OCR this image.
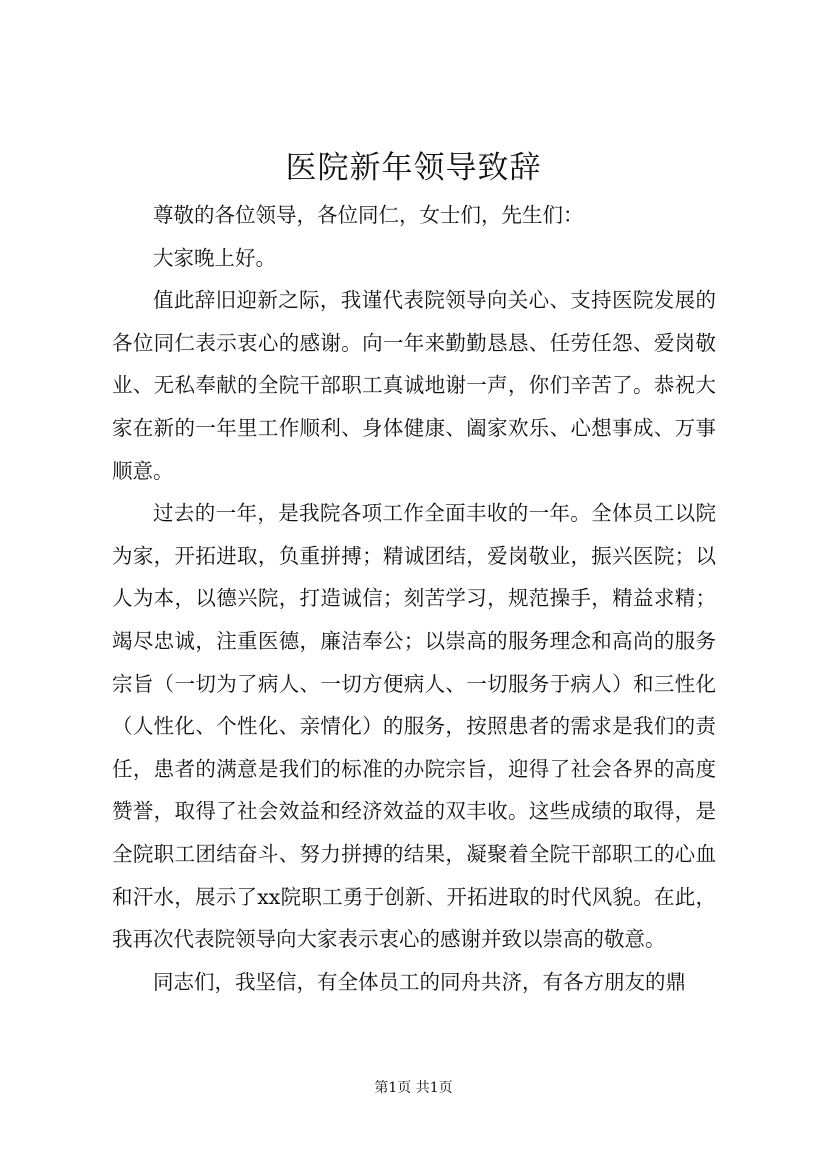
医院新年领导致辞

尊敬的各位领导，各位同仁，女士们，先生们：

大家晚上好。

值此辞旧迎新之际，我谨代表院领导向关心、支持医院发展的各位同仁表示衷心的感谢。向一年来勤勤恳恳、任劳任怨、爱岗敬业、无私奉献的全院干部职工真诚地谢一声，你们辛苦了。恭祝大家在新的一年里工作顺利、身体健康、阖家欢乐、心想事成、万事顺意。

过去的一年，是我院各项工作全面丰收的一年。全体员工以院为家，开拓进取，负重拼搏；精诚团结，爱岗敬业，振兴医院；以人为本，以德兴院，打造诚信；刻苦学习，规范操手，精益求精；竭尽忠诚，注重医德，廉洁奉公；以崇高的服务理念和高尚的服务宗旨（一切为了病人、一切方便病人、一切服务于病人）和三性化（人性化、个性化、亲情化）的服务，按照患者的需求是我们的责任，患者的满意是我们的标准的办院宗旨，迎得了社会各界的高度赞誉，取得了社会效益和经济效益的双丰收。这些成绩的取得，是全院职工团结奋斗、努力拼搏的结果，凝聚着全院干部职工的心血和汗水，展示了xx院职工勇于创新、开拓进取的时代风貌。在此，我再次代表院领导向大家表示衷心的感谢并致以崇高的敬意。

同志们，我坚信，有全体员工的同舟共济，有各方朋友的鼎

第1页 共1页
